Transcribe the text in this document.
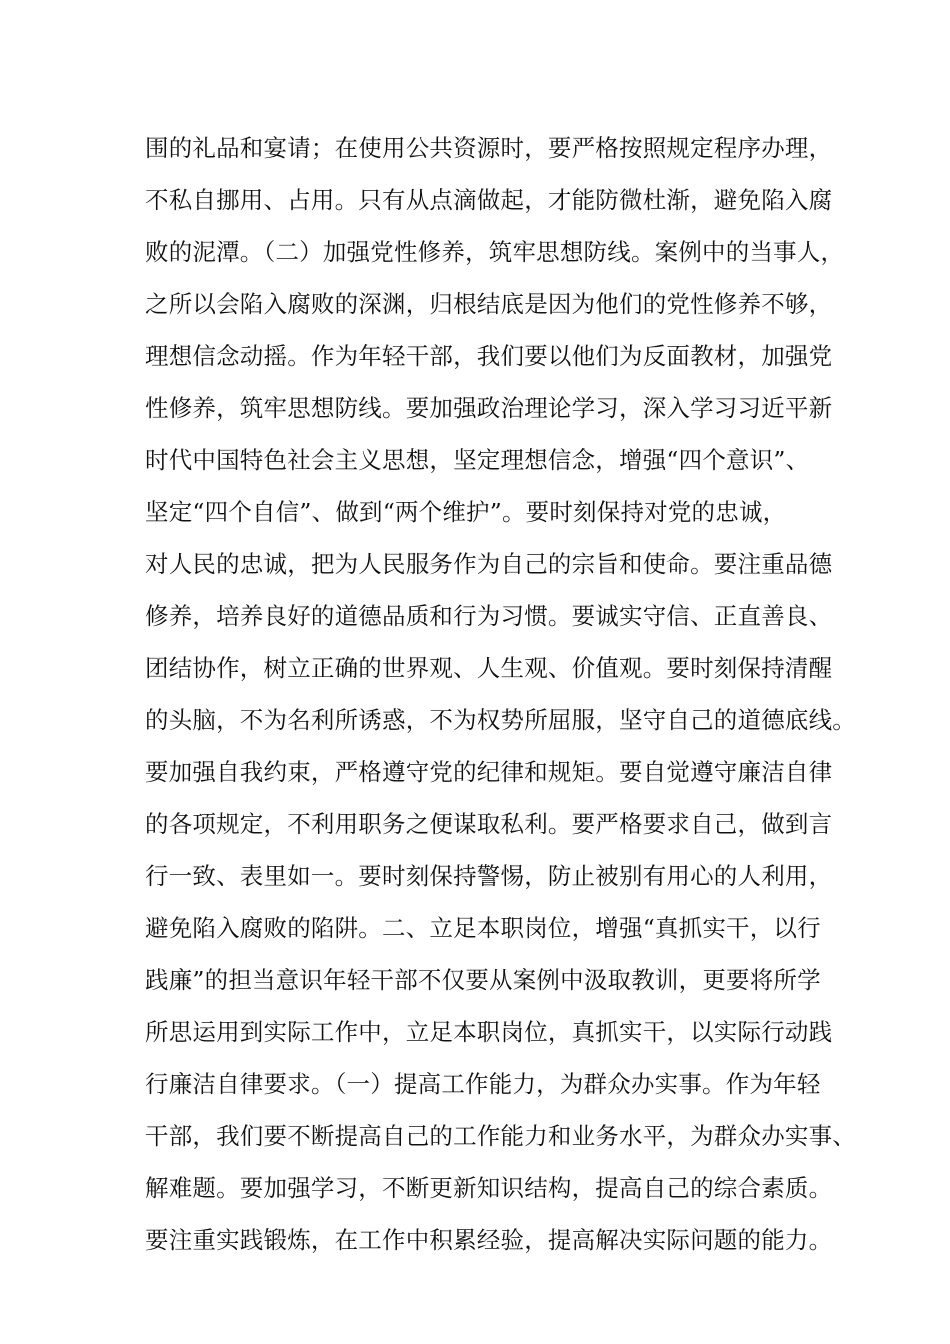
围的礼品和宴请；在使用公共资源时，要严格按照规定程序办理，
不私自挪用、占用。只有从点滴做起，才能防微杜渐，避免陷入腐
败的泥潭。（二）加强党性修养，筑牢思想防线。案例中的当事人，
之所以会陷入腐败的深渊，归根结底是因为他们的党性修养不够，
理想信念动摇。作为年轻干部，我们要以他们为反面教材，加强党
性修养，筑牢思想防线。要加强政治理论学习，深入学习习近平新
时代中国特色社会主义思想，坚定理想信念，增强“四个意识”、
坚定“四个自信”、做到“两个维护”。要时刻保持对党的忠诚，
对人民的忠诚，把为人民服务作为自己的宗旨和使命。要注重品德
修养，培养良好的道德品质和行为习惯。要诚实守信、正直善良、
团结协作，树立正确的世界观、人生观、价值观。要时刻保持清醒
的头脑，不为名利所诱惑，不为权势所屈服，坚守自己的道德底线。
要加强自我约束，严格遵守党的纪律和规矩。要自觉遵守廉洁自律
的各项规定，不利用职务之便谋取私利。要严格要求自己，做到言
行一致、表里如一。要时刻保持警惕，防止被别有用心的人利用，
避免陷入腐败的陷阱。二、立足本职岗位，增强“真抓实干，以行
践廉”的担当意识年轻干部不仅要从案例中汲取教训，更要将所学
所思运用到实际工作中，立足本职岗位，真抓实干，以实际行动践
行廉洁自律要求。（一）提高工作能力，为群众办实事。作为年轻
干部，我们要不断提高自己的工作能力和业务水平，为群众办实事、
解难题。要加强学习，不断更新知识结构，提高自己的综合素质。
要注重实践锻炼，在工作中积累经验，提高解决实际问题的能力。
